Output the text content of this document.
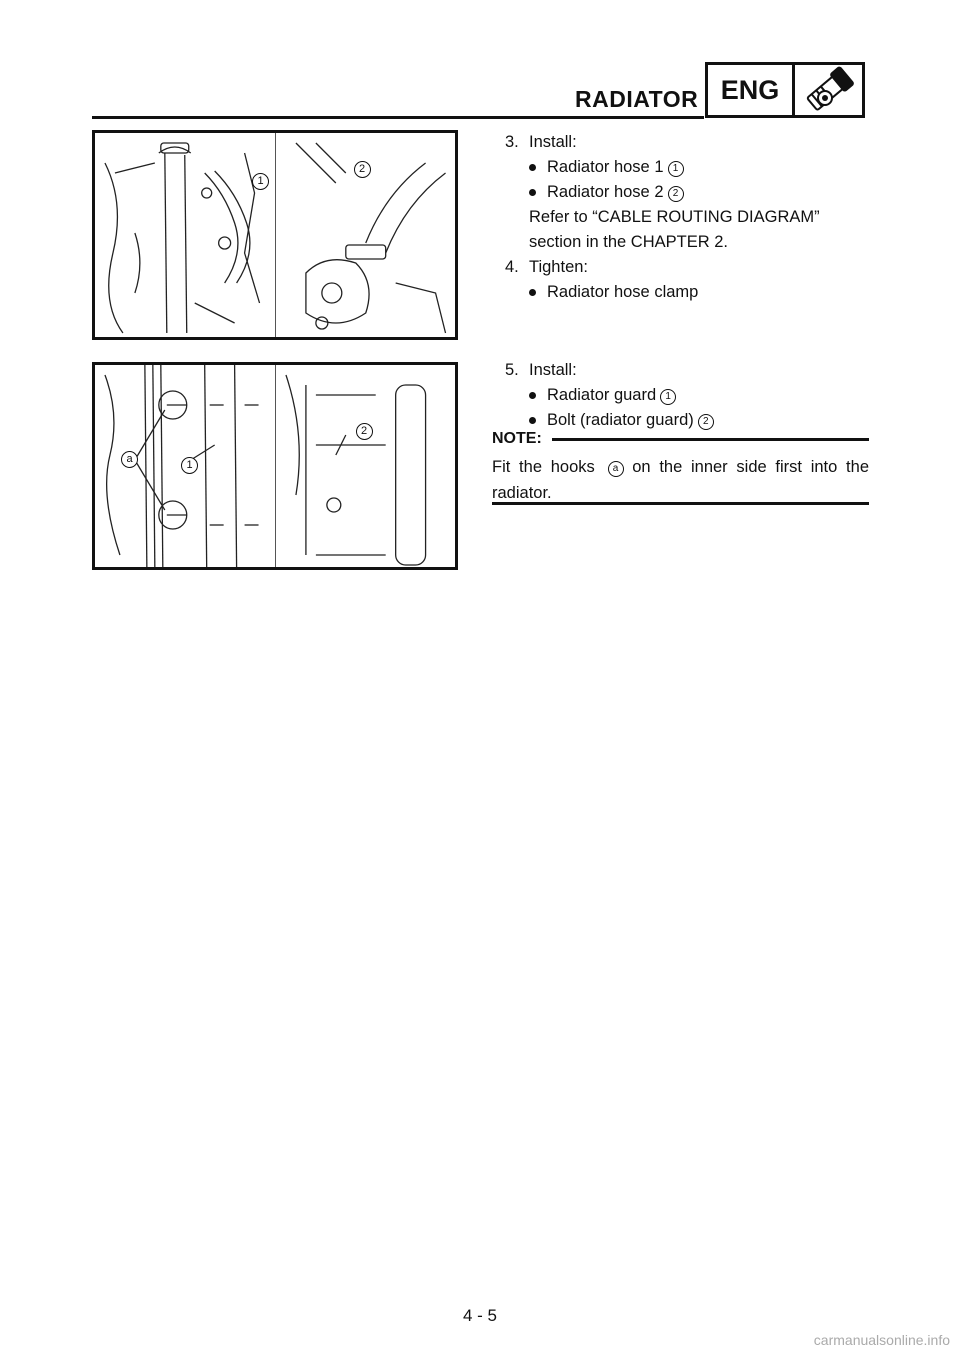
RADIATOR ENG
1
2
3. Install:
Radiator hose 1 1
Radiator hose 2 2
Refer to “CABLE ROUTING DIAGRAM”
section in the CHAPTER 2.
4. Tighten:
Radiator hose clamp
a	1
2
5. Install:
Radiator guard 1
Bolt (radiator guard) 2
NOTE:
Fit the hooks a on the inner side first into the radiator.
4 - 5
carmanualsonline.info
